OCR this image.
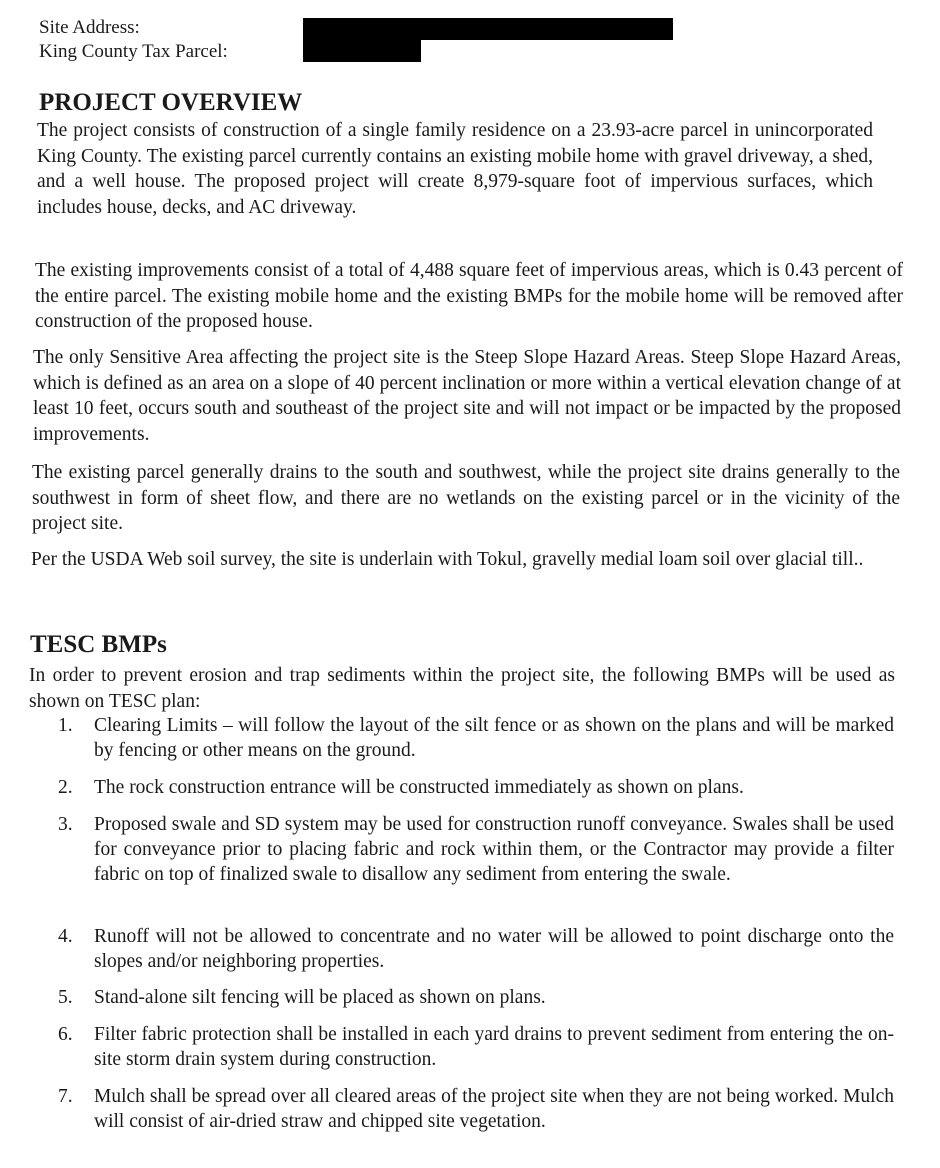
Site Address:
King County Tax Parcel:
PROJECT OVERVIEW

The project consists of construction of a single family residence on a 23.93-acre parcel in unincorporated King County. The existing parcel currently contains an existing mobile home with gravel driveway, a shed, and a well house. The proposed project will create 8,979-square foot of impervious surfaces, which includes house, decks, and AC driveway.

The existing improvements consist of a total of 4,488 square feet of impervious areas, which is 0.43 percent of the entire parcel. The existing mobile home and the existing BMPs for the mobile home will be removed after construction of the proposed house.

The only Sensitive Area affecting the project site is the Steep Slope Hazard Areas. Steep Slope Hazard Areas, which is defined as an area on a slope of 40 percent inclination or more within a vertical elevation change of at least 10 feet, occurs south and southeast of the project site and will not impact or be impacted by the proposed improvements.

The existing parcel generally drains to the south and southwest, while the project site drains generally to the southwest in form of sheet flow, and there are no wetlands on the existing parcel or in the vicinity of the project site.

Per the USDA Web soil survey, the site is underlain with Tokul, gravelly medial loam soil over glacial till..

TESC BMPs

In order to prevent erosion and trap sediments within the project site, the following BMPs will be used as shown on TESC plan:

1.	Clearing Limits – will follow the layout of the silt fence or as shown on the plans and will be marked by fencing or other means on the ground.
2.	The rock construction entrance will be constructed immediately as shown on plans.
3.	Proposed swale and SD system may be used for construction runoff conveyance. Swales shall be used for conveyance prior to placing fabric and rock within them, or the Contractor may provide a filter fabric on top of finalized swale to disallow any sediment from entering the swale.
4.	Runoff will not be allowed to concentrate and no water will be allowed to point discharge onto the slopes and/or neighboring properties.
5.	Stand-alone silt fencing will be placed as shown on plans.
6.	Filter fabric protection shall be installed in each yard drains to prevent sediment from entering the on-site storm drain system during construction.
7.	Mulch shall be spread over all cleared areas of the project site when they are not being worked. Mulch will consist of air-dried straw and chipped site vegetation.
